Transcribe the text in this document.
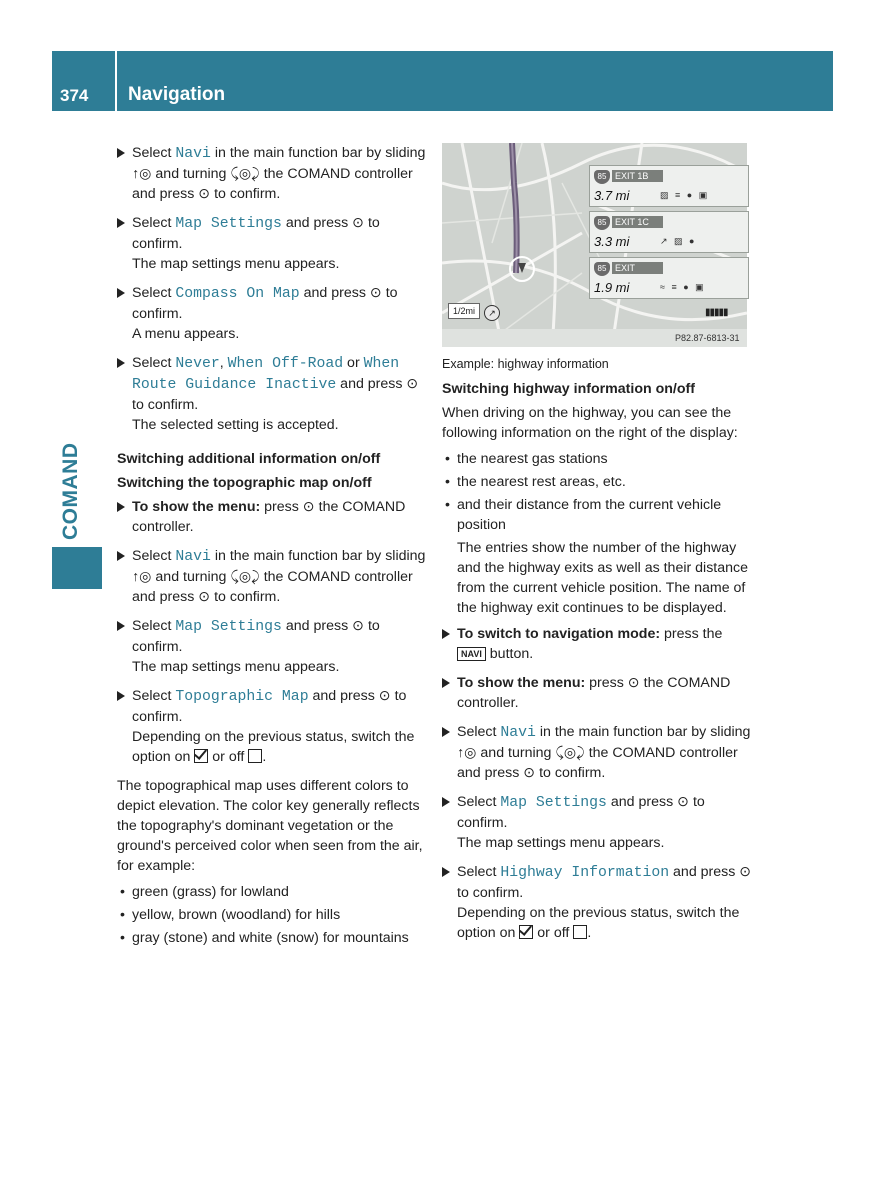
374 Navigation
COMAND
Select Navi in the main function bar by sliding ↑◎ and turning ⤹◎⤸ the COMAND controller and press ⊙ to confirm.
Select Map Settings and press ⊙ to confirm.
The map settings menu appears.
Select Compass On Map and press ⊙ to confirm.
A menu appears.
Select Never, When Off-Road or When Route Guidance Inactive and press ⊙ to confirm.
The selected setting is accepted.
Switching additional information on/off
Switching the topographic map on/off
To show the menu: press ⊙ the COMAND controller.
Select Navi in the main function bar by sliding ↑◎ and turning ⤹◎⤸ the COMAND controller and press ⊙ to confirm.
Select Map Settings and press ⊙ to confirm.
The map settings menu appears.
Select Topographic Map and press ⊙ to confirm.
Depending on the previous status, switch the option on  or off .
The topographical map uses different colors to depict elevation. The color key generally reflects the topography's dominant vegetation or the ground's perceived color when seen from the air, for example:
• green (grass) for lowland
• yellow, brown (woodland) for hills
• gray (stone) and white (snow) for mountains
85 EXIT 1B
3.7 mi	▨ ≡ ● ▣
85 EXIT 1C
3.3 mi	↗ ▨ ●
85 EXIT
1.9 mi	≈ ≡ ● ▣
1/2mi	↗	▮▮▮▮▮
P82.87-6813-31
Example: highway information
Switching highway information on/off
When driving on the highway, you can see the following information on the right of the display:
• the nearest gas stations
• the nearest rest areas, etc.
• and their distance from the current vehicle position
The entries show the number of the highway and the highway exits as well as their distance from the current vehicle position. The name of the highway exit continues to be displayed.
To switch to navigation mode: press the
NAVI button.
To show the menu: press ⊙ the COMAND controller.
Select Navi in the main function bar by sliding ↑◎ and turning ⤹◎⤸ the COMAND controller and press ⊙ to confirm.
Select Map Settings and press ⊙ to confirm.
The map settings menu appears.
Select Highway Information and press ⊙ to confirm.
Depending on the previous status, switch the option on  or off .
